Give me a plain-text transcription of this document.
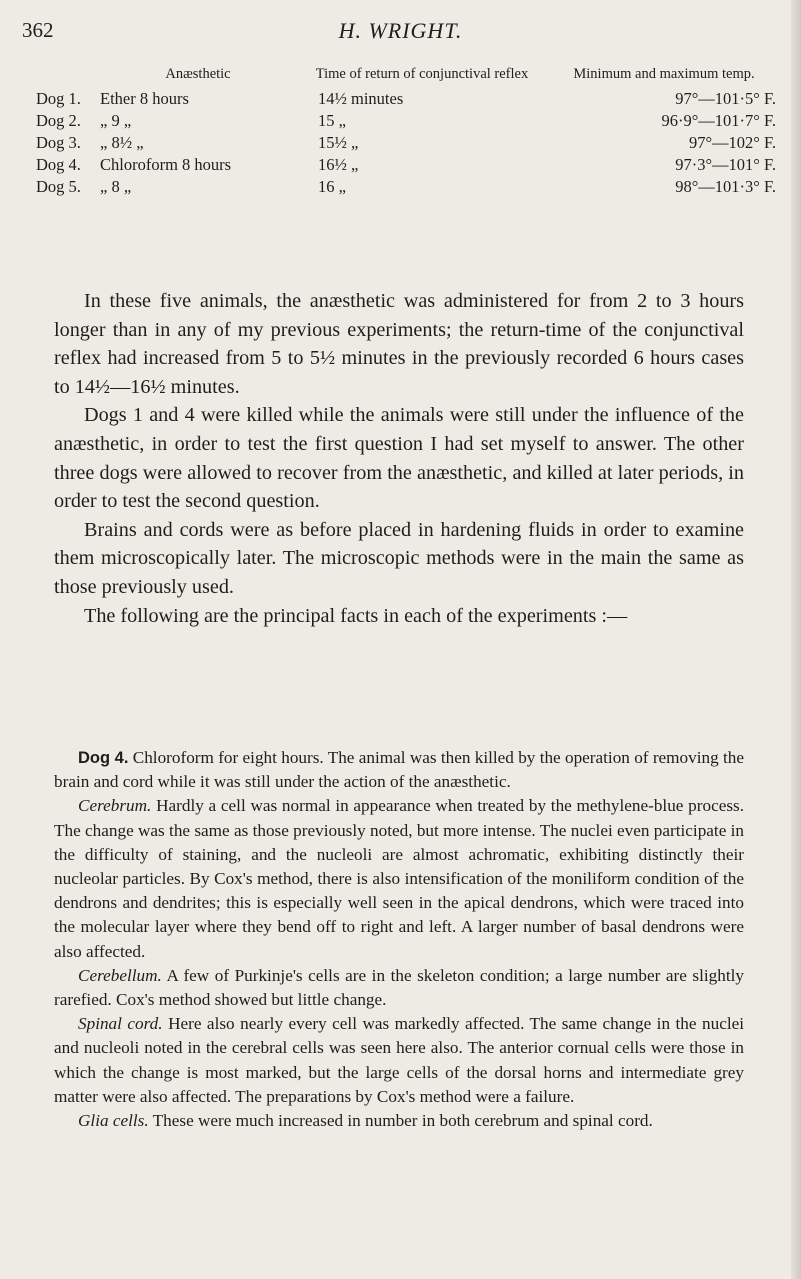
362	H. WRIGHT.
	Anæsthetic	Time of return of conjunctival reflex	Minimum and maximum temp.
Dog 1.	Ether 8 hours	14½ minutes	97°—101·5° F.
Dog 2.	„ 9 „	15 „	96·9°—101·7° F.
Dog 3.	„ 8½ „	15½ „	97°—102° F.
Dog 4.	Chloroform 8 hours	16½ „	97·3°—101° F.
Dog 5.	„ 8 „	16 „	98°—101·3° F.

In these five animals, the anæsthetic was administered for from 2 to 3 hours longer than in any of my previous experiments; the return-time of the conjunctival reflex had increased from 5 to 5½ minutes in the previously recorded 6 hours cases to 14½—16½ minutes.

Dogs 1 and 4 were killed while the animals were still under the influence of the anæsthetic, in order to test the first question I had set myself to answer. The other three dogs were allowed to recover from the anæsthetic, and killed at later periods, in order to test the second question.

Brains and cords were as before placed in hardening fluids in order to examine them microscopically later. The microscopic methods were in the main the same as those previously used.

The following are the principal facts in each of the experiments :—

Dog 4. Chloroform for eight hours. The animal was then killed by the operation of removing the brain and cord while it was still under the action of the anæsthetic.

Cerebrum. Hardly a cell was normal in appearance when treated by the methylene-blue process. The change was the same as those previously noted, but more intense. The nuclei even participate in the difficulty of staining, and the nucleoli are almost achromatic, exhibiting distinctly their nucleolar particles. By Cox's method, there is also intensification of the moniliform condition of the dendrons and dendrites; this is especially well seen in the apical dendrons, which were traced into the molecular layer where they bend off to right and left. A larger number of basal dendrons were also affected.

Cerebellum. A few of Purkinje's cells are in the skeleton condition; a large number are slightly rarefied. Cox's method showed but little change.

Spinal cord. Here also nearly every cell was markedly affected. The same change in the nuclei and nucleoli noted in the cerebral cells was seen here also. The anterior cornual cells were those in which the change is most marked, but the large cells of the dorsal horns and intermediate grey matter were also affected. The preparations by Cox's method were a failure.

Glia cells. These were much increased in number in both cerebrum and spinal cord.
